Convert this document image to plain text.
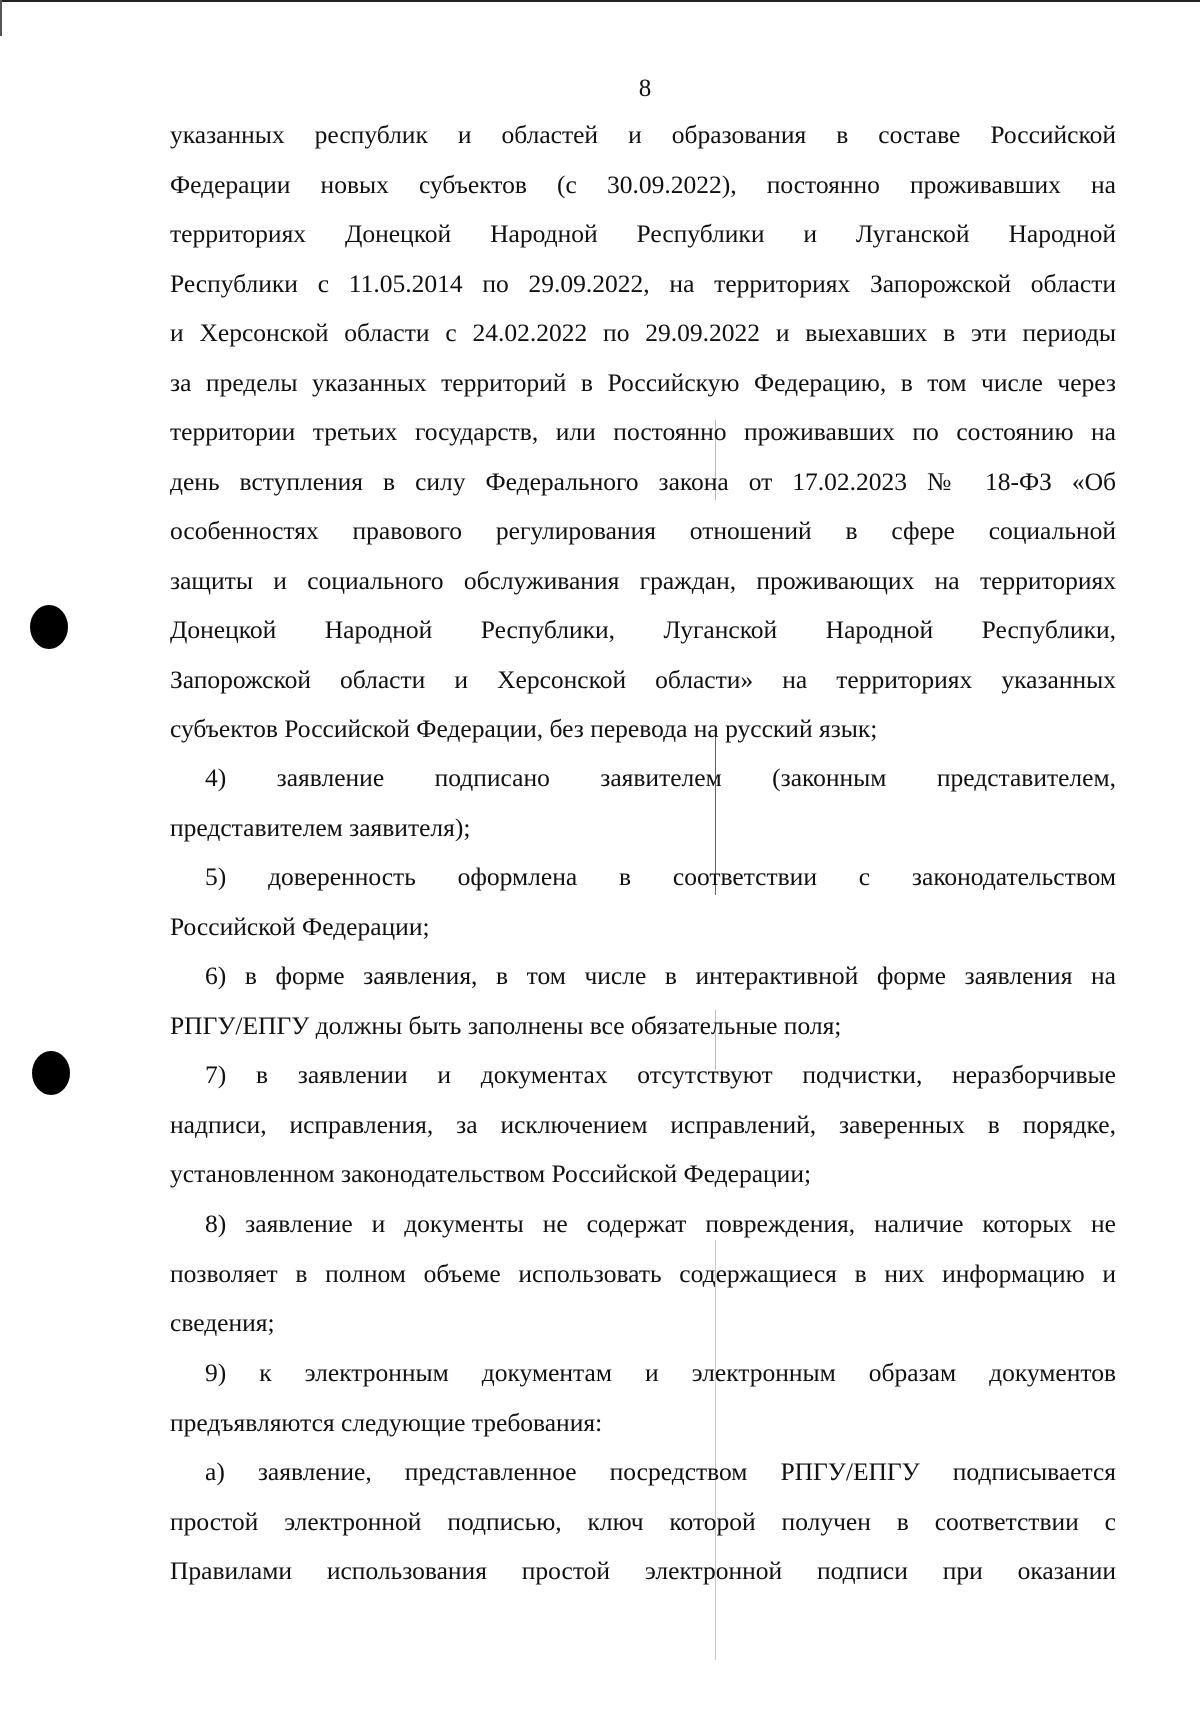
8
указанных республик и областей и образования в составе Российской
Федерации новых субъектов (с 30.09.2022), постоянно проживавших на
территориях Донецкой Народной Республики и Луганской Народной
Республики с 11.05.2014 по 29.09.2022, на территориях Запорожской области
и Херсонской области с 24.02.2022 по 29.09.2022 и выехавших в эти периоды
за пределы указанных территорий в Российскую Федерацию, в том числе через
территории третьих государств, или постоянно проживавших по состоянию на
день вступления в силу Федерального закона от 17.02.2023 № 18-ФЗ «Об
особенностях правового регулирования отношений в сфере социальной
защиты и социального обслуживания граждан, проживающих на территориях
Донецкой Народной Республики, Луганской Народной Республики,
Запорожской области и Херсонской области» на территориях указанных
субъектов Российской Федерации, без перевода на русский язык;
4) заявление подписано заявителем (законным представителем,
представителем заявителя);
5) доверенность оформлена в соответствии с законодательством
Российской Федерации;
6) в форме заявления, в том числе в интерактивной форме заявления на
РПГУ/ЕПГУ должны быть заполнены все обязательные поля;
7) в заявлении и документах отсутствуют подчистки, неразборчивые
надписи, исправления, за исключением исправлений, заверенных в порядке,
установленном законодательством Российской Федерации;
8) заявление и документы не содержат повреждения, наличие которых не
позволяет в полном объеме использовать содержащиеся в них информацию и
сведения;
9) к электронным документам и электронным образам документов
предъявляются следующие требования:
а) заявление, представленное посредством РПГУ/ЕПГУ подписывается
простой электронной подписью, ключ которой получен в соответствии с
Правилами использования простой электронной подписи при оказании
